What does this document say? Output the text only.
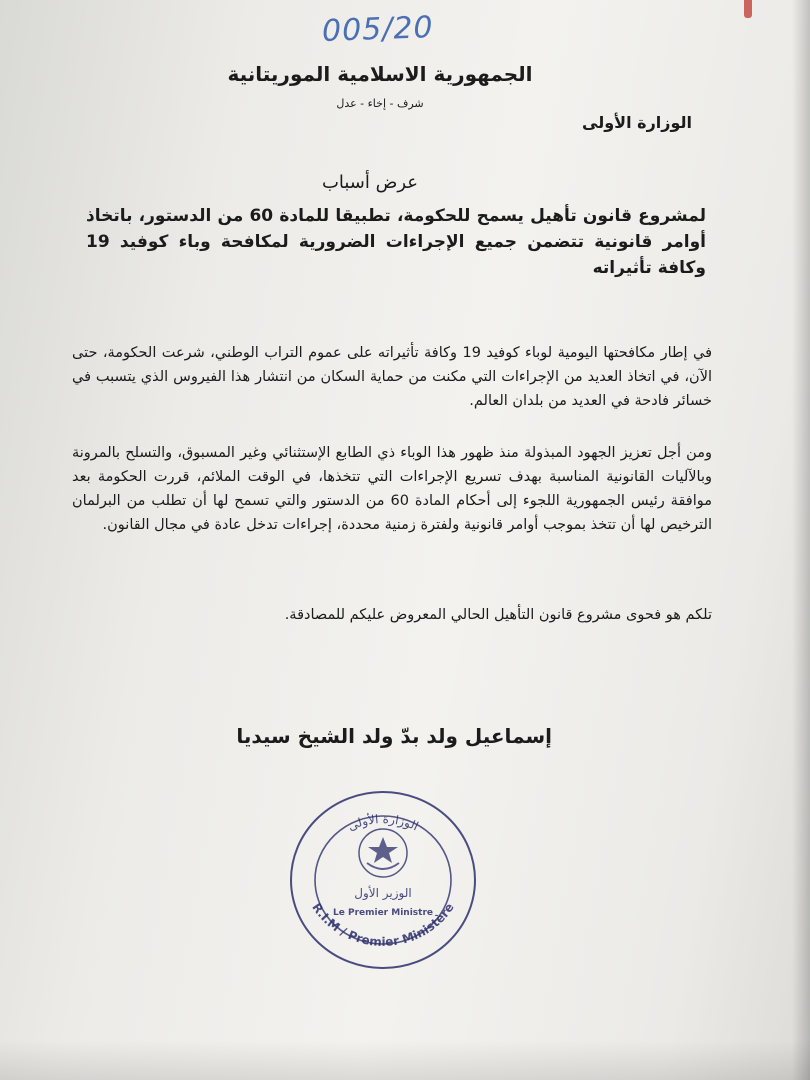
005/20
الجمهورية الاسلامية الموريتانية
شرف - إخاء - عدل
الوزارة الأولى
عرض أسباب
لمشروع قانون تأهيل يسمح للحكومة، تطبيقا للمادة 60 من الدستور، باتخاذ أوامر قانونية تتضمن جميع الإجراءات الضرورية لمكافحة وباء كوفيد 19 وكافة تأثيراته
في إطار مكافحتها اليومية لوباء كوفيد 19 وكافة تأثيراته على عموم التراب الوطني، شرعت الحكومة، حتى الآن، في اتخاذ العديد من الإجراءات التي مكنت من حماية السكان من انتشار هذا الفيروس الذي يتسبب في خسائر فادحة في العديد من بلدان العالم.
ومن أجل تعزيز الجهود المبذولة منذ ظهور هذا الوباء ذي الطابع الإستثنائي وغير المسبوق، والتسلح بالمرونة وبالآليات القانونية المناسبة بهدف تسريع الإجراءات التي تتخذها، في الوقت الملائم، قررت الحكومة بعد موافقة رئيس الجمهورية اللجوء إلى أحكام المادة 60 من الدستور والتي تسمح لها أن تطلب من البرلمان الترخيص لها أن تتخذ بموجب أوامر قانونية ولفترة زمنية محددة، إجراءات تدخل عادة في مجال القانون.
تلكم هو فحوى مشروع قانون التأهيل الحالي المعروض عليكم للمصادقة.
إسماعيل ولد بدّ ولد الشيخ سيديا
الوزارة الأولى
الوزير الأول
Le Premier Ministre
R.I.M / Premier Ministère
